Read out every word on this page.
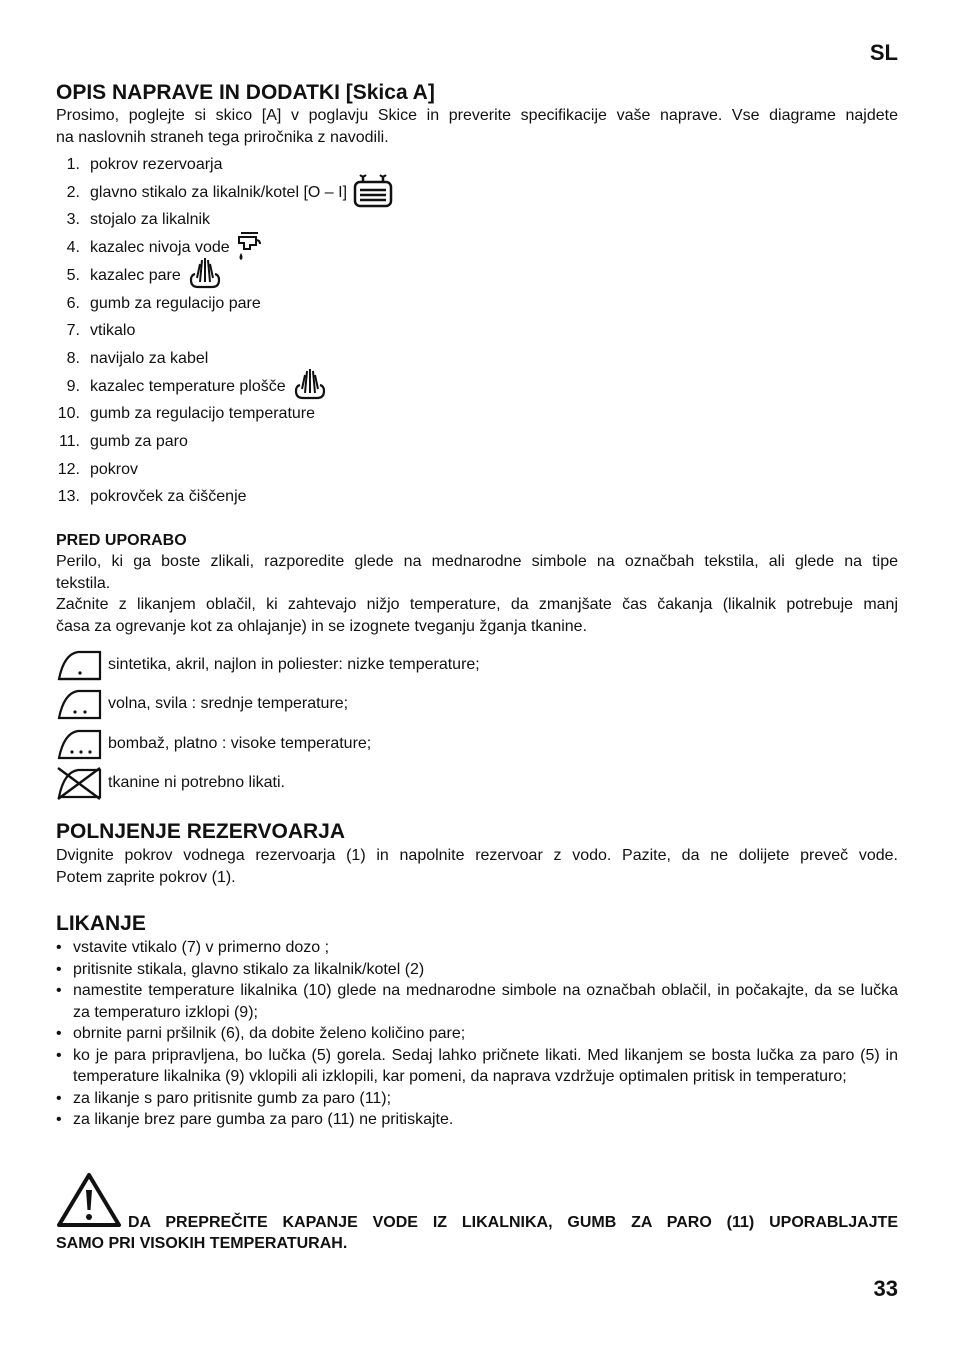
SL
OPIS NAPRAVE IN DODATKI [Skica A]
Prosimo, poglejte si skico [A] v poglavju Skice in preverite specifikacije vaše naprave. Vse diagrame najdete
na naslovnih straneh tega priročnika z navodili.
1. pokrov rezervoarja
2. glavno stikalo za likalnik/kotel [O – I]
3. stojalo za likalnik
4. kazalec nivoja vode
5. kazalec pare
6. gumb za regulacijo pare
7. vtikalo
8. navijalo za kabel
9. kazalec temperature plošče
10. gumb za regulacijo temperature
11. gumb za paro
12. pokrov
13. pokrovček za čiščenje
PRED UPORABO
Perilo, ki ga boste zlikali, razporedite glede na mednarodne simbole na označbah tekstila, ali glede na tipe
tekstila.
Začnite z likanjem oblačil, ki zahtevajo nižjo temperature, da zmanjšate čas čakanja (likalnik potrebuje manj
časa za ogrevanje kot za ohlajanje) in se izognete tveganju žganja tkanine.
sintetika, akril, najlon in poliester: nizke temperature;
volna, svila : srednje temperature;
bombaž, platno : visoke temperature;
tkanine ni potrebno likati.
POLNJENJE REZERVOARJA
Dvignite pokrov vodnega rezervoarja (1) in napolnite rezervoar z vodo. Pazite, da ne dolijete preveč vode.
Potem zaprite pokrov (1).
LIKANJE
• vstavite vtikalo (7) v primerno dozo ;
• pritisnite stikala, glavno stikalo za likalnik/kotel (2)
• namestite temperature likalnika (10) glede na mednarodne simbole na označbah oblačil, in počakajte, da se lučka za temperaturo izklopi (9);
• obrnite parni pršilnik (6), da dobite želeno količino pare;
• ko je para pripravljena, bo lučka (5) gorela. Sedaj lahko pričnete likati. Med likanjem se bosta lučka za paro (5) in temperature likalnika (9) vklopili ali izklopili, kar pomeni, da naprava vzdržuje optimalen pritisk in temperaturo;
• za likanje s paro pritisnite gumb za paro (11);
• za likanje brez pare gumba za paro (11) ne pritiskajte.
DA PREPREČITE KAPANJE VODE IZ LIKALNIKA, GUMB ZA PARO (11) UPORABLJAJTE
SAMO PRI VISOKIH TEMPERATURAH.
33
